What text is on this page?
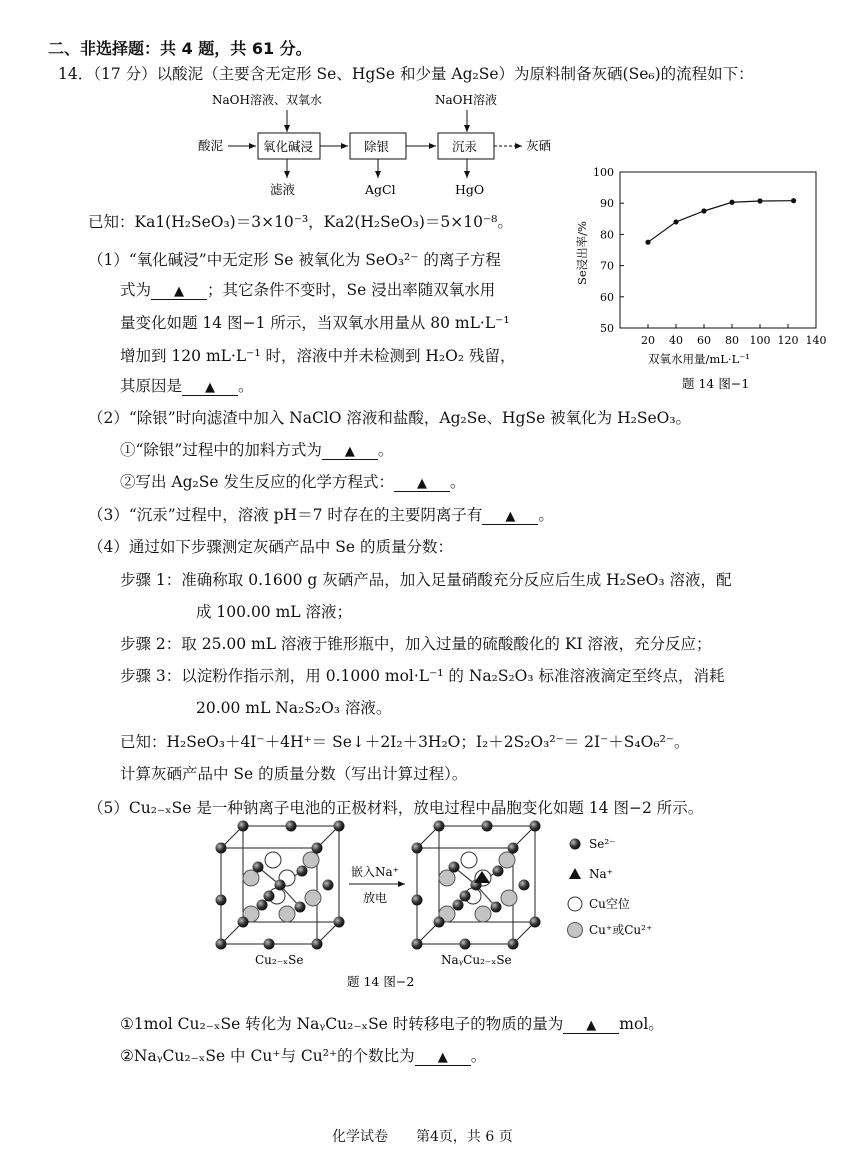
二、非选择题：共 4 题，共 61 分。
14．（17 分）以酸泥（主要含无定形 Se、HgSe 和少量 Ag₂Se）为原料制备灰硒(Se₆)的流程如下：
NaOH溶液、双氧水	NaOH溶液
酸泥	氧化碱浸	除银	沉汞	灰硒
滤液	AgCl	HgO
50
60
70
80
90
100
20 40 60 80 100 120 140
Se浸出率/%
双氧水用量/mL·L⁻¹
题 14 图−1
已知：Ka1(H₂SeO₃)＝3×10⁻³，Ka2(H₂SeO₃)＝5×10⁻⁸。
（1）“氧化碱浸”中无定形 Se 被氧化为 SeO₃²⁻ 的离子方程
式为 ▲ ；其它条件不变时，Se 浸出率随双氧水用
量变化如题 14 图−1 所示，当双氧水用量从 80 mL·L⁻¹
增加到 120 mL·L⁻¹ 时，溶液中并未检测到 H₂O₂ 残留，
其原因是 ▲ 。
（2）“除银”时向滤渣中加入 NaClO 溶液和盐酸，Ag₂Se、HgSe 被氧化为 H₂SeO₃。
①“除银”过程中的加料方式为 ▲ 。
②写出 Ag₂Se 发生反应的化学方程式： ▲ 。
（3）“沉汞”过程中，溶液 pH＝7 时存在的主要阴离子有 ▲ 。
（4）通过如下步骤测定灰硒产品中 Se 的质量分数：
步骤 1：准确称取 0.1600 g 灰硒产品，加入足量硝酸充分反应后生成 H₂SeO₃ 溶液，配
成 100.00 mL 溶液；
步骤 2：取 25.00 mL 溶液于锥形瓶中，加入过量的硫酸酸化的 KI 溶液，充分反应；
步骤 3：以淀粉作指示剂，用 0.1000 mol·L⁻¹ 的 Na₂S₂O₃ 标准溶液滴定至终点，消耗
20.00 mL Na₂S₂O₃ 溶液。
已知：H₂SeO₃＋4I⁻＋4H⁺＝ Se↓＋2I₂＋3H₂O；I₂＋2S₂O₃²⁻＝ 2I⁻＋S₄O₆²⁻。
计算灰硒产品中 Se 的质量分数（写出计算过程）。
（5）Cu₂₋ₓSe 是一种钠离子电池的正极材料，放电过程中晶胞变化如题 14 图−2 所示。
嵌入Na⁺
放电
Cu₂₋ₓSe	NaᵧCu₂₋ₓSe
题 14 图−2
Se²⁻
Na⁺
Cu空位
Cu⁺或Cu²⁺
①1mol Cu₂₋ₓSe 转化为 NaᵧCu₂₋ₓSe 时转移电子的物质的量为 ▲ mol。
②NaᵧCu₂₋ₓSe 中 Cu⁺与 Cu²⁺的个数比为 ▲ 。
化学试卷　　第4页，共 6 页
